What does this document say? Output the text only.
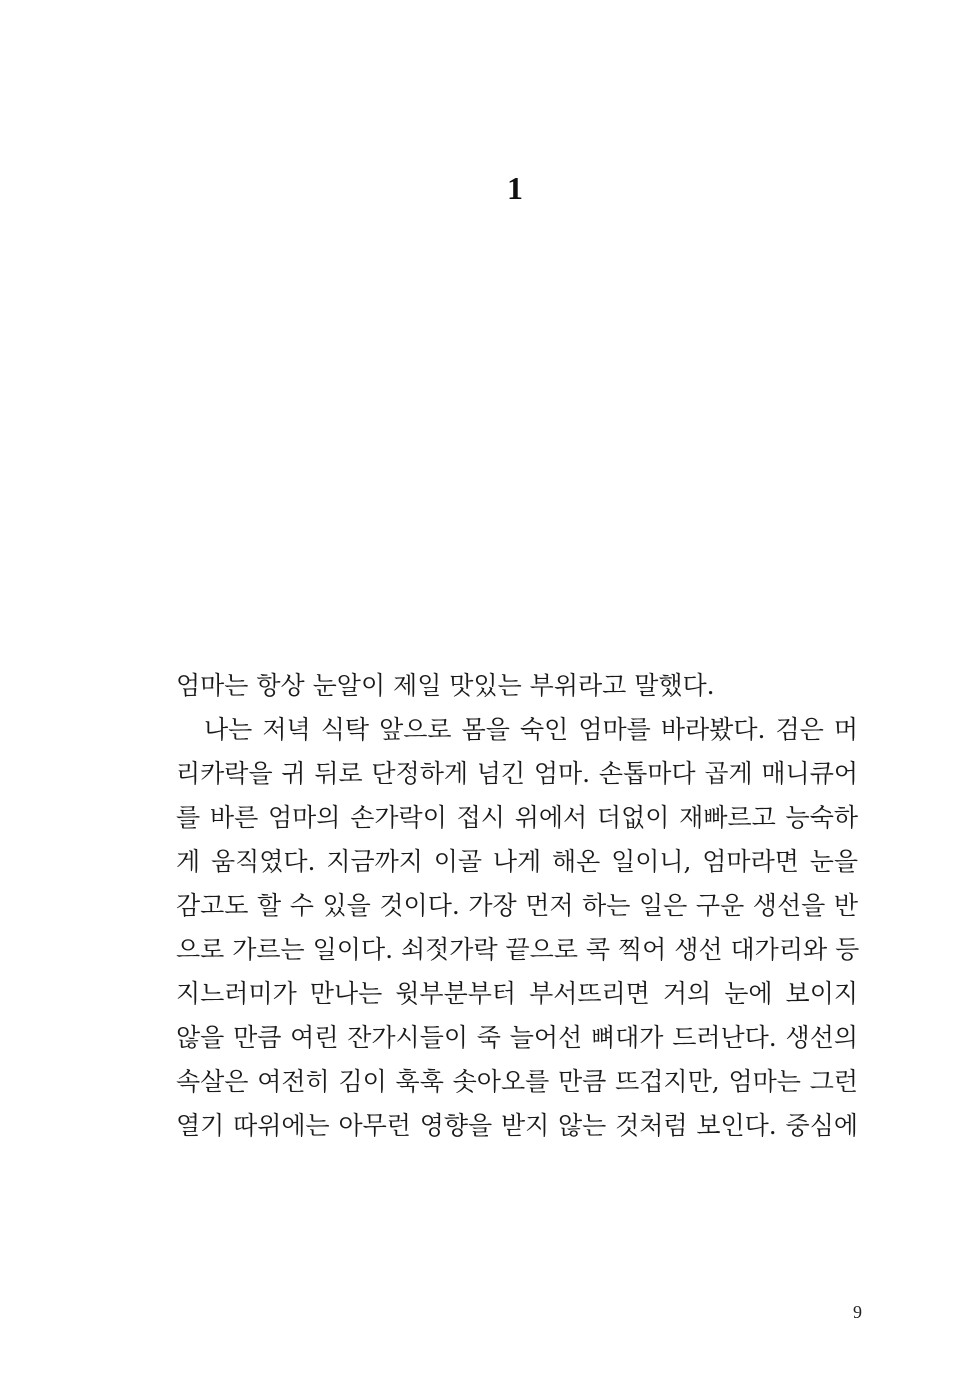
1
엄마는 항상 눈알이 제일 맛있는 부위라고 말했다.
나는 저녁 식탁 앞으로 몸을 숙인 엄마를 바라봤다. 검은 머
리카락을 귀 뒤로 단정하게 넘긴 엄마. 손톱마다 곱게 매니큐어
를 바른 엄마의 손가락이 접시 위에서 더없이 재빠르고 능숙하
게 움직였다. 지금까지 이골 나게 해온 일이니, 엄마라면 눈을
감고도 할 수 있을 것이다. 가장 먼저 하는 일은 구운 생선을 반
으로 가르는 일이다. 쇠젓가락 끝으로 콕 찍어 생선 대가리와 등
지느러미가 만나는 윗부분부터 부서뜨리면 거의 눈에 보이지
않을 만큼 여린 잔가시들이 죽 늘어선 뼈대가 드러난다. 생선의
속살은 여전히 김이 훅훅 솟아오를 만큼 뜨겁지만, 엄마는 그런
열기 따위에는 아무런 영향을 받지 않는 것처럼 보인다. 중심에
9
